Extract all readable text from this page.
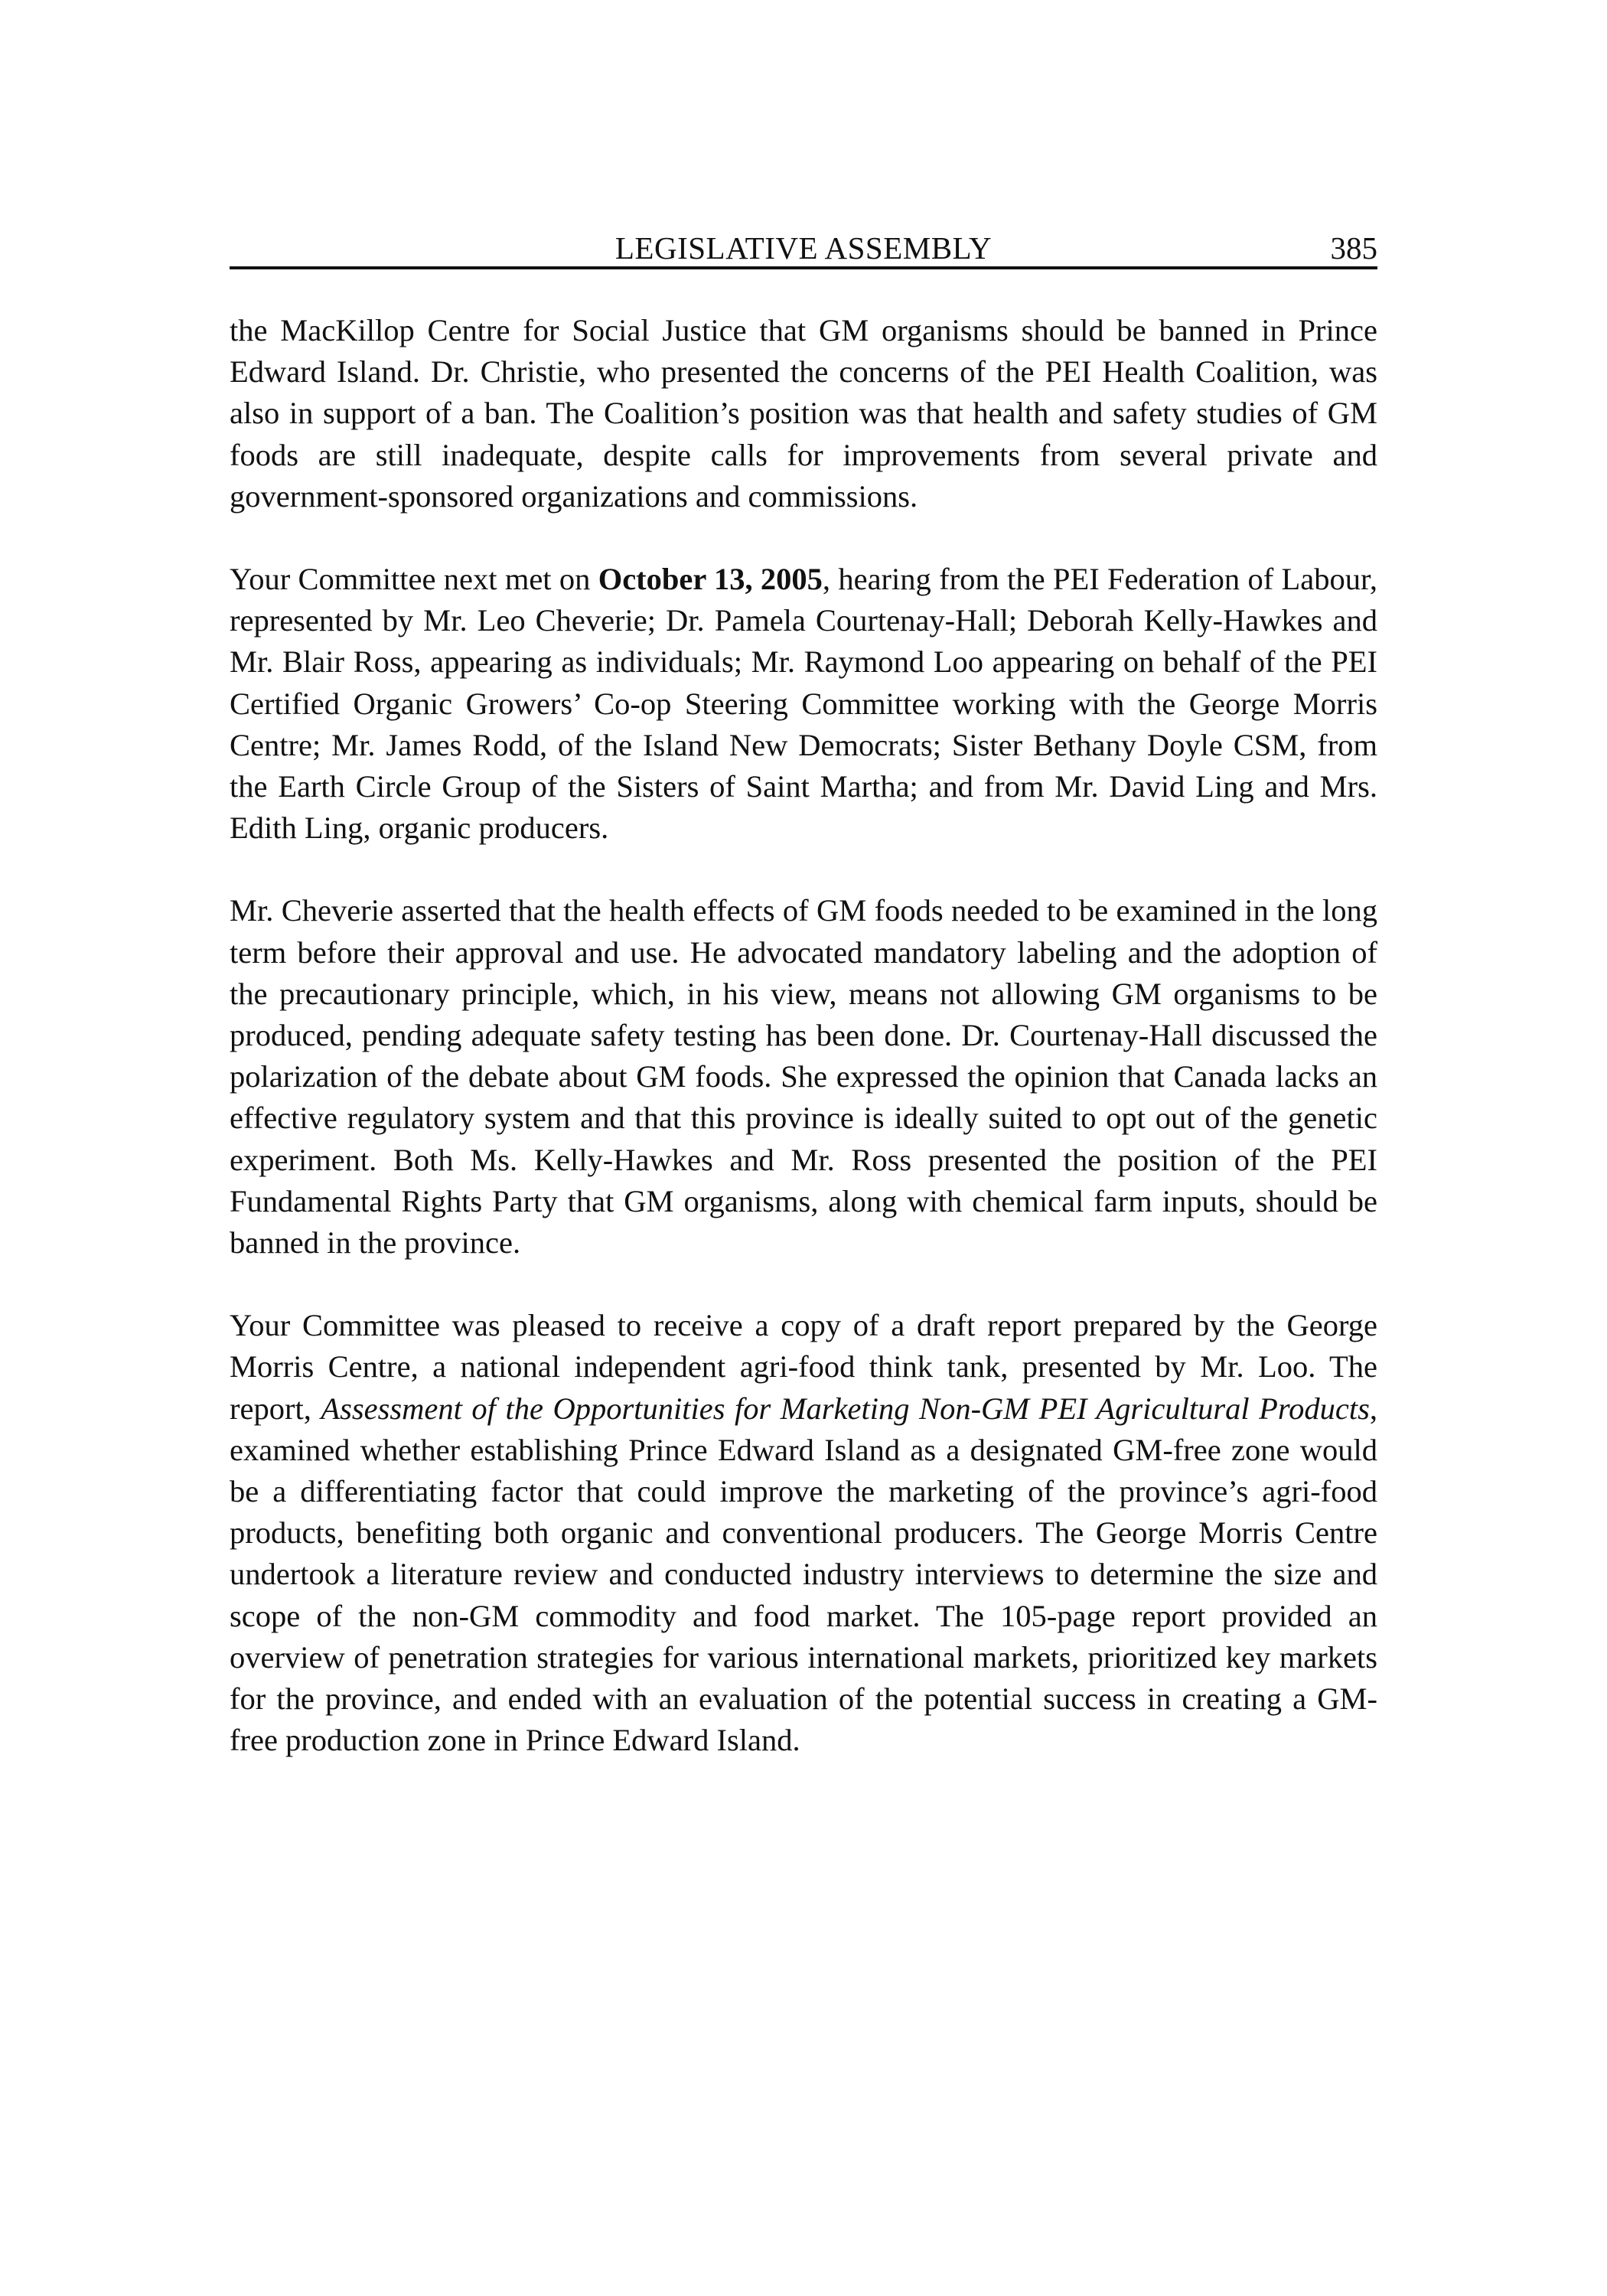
LEGISLATIVE ASSEMBLY	385

the MacKillop Centre for Social Justice that GM organisms should be banned in Prince Edward Island. Dr. Christie, who presented the concerns of the PEI Health Coalition, was also in support of a ban. The Coalition’s position was that health and safety studies of GM foods are still inadequate, despite calls for improvements from several private and government-sponsored organizations and commissions.

Your Committee next met on October 13, 2005, hearing from the PEI Federation of Labour, represented by Mr. Leo Cheverie; Dr. Pamela Courtenay-Hall; Deborah Kelly-Hawkes and Mr. Blair Ross, appearing as individuals; Mr. Raymond Loo appearing on behalf of the PEI Certified Organic Growers’ Co-op Steering Committee working with the George Morris Centre; Mr. James Rodd, of the Island New Democrats; Sister Bethany Doyle CSM, from the Earth Circle Group of the Sisters of Saint Martha; and from Mr. David Ling and Mrs. Edith Ling, organic producers.

Mr. Cheverie asserted that the health effects of GM foods needed to be examined in the long term before their approval and use. He advocated mandatory labeling and the adoption of the precautionary principle, which, in his view, means not allowing GM organisms to be produced, pending adequate safety testing has been done. Dr. Courtenay-Hall discussed the polarization of the debate about GM foods. She expressed the opinion that Canada lacks an effective regulatory system and that this province is ideally suited to opt out of the genetic experiment. Both Ms. Kelly-Hawkes and Mr. Ross presented the position of the PEI Fundamental Rights Party that GM organisms, along with chemical farm inputs, should be banned in the province.

Your Committee was pleased to receive a copy of a draft report prepared by the George Morris Centre, a national independent agri-food think tank, presented by Mr. Loo. The report, Assessment of the Opportunities for Marketing Non-GM PEI Agricultural Products, examined whether establishing Prince Edward Island as a designated GM-free zone would be a differentiating factor that could improve the marketing of the province’s agri-food products, benefiting both organic and conventional producers. The George Morris Centre undertook a literature review and conducted industry interviews to determine the size and scope of the non-GM commodity and food market. The 105-page report provided an overview of penetration strategies for various international markets, prioritized key markets for the province, and ended with an evaluation of the potential success in creating a GM-free production zone in Prince Edward Island.
